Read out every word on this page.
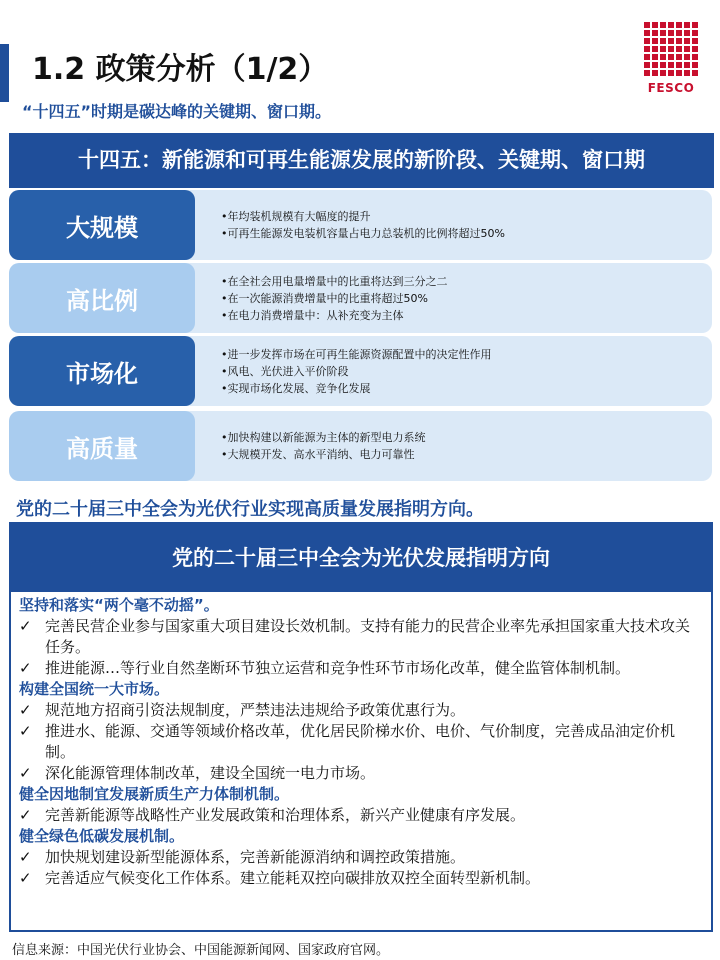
1.2 政策分析（1/2）
“十四五”时期是碳达峰的关键期、窗口期。
FESCO
十四五：新能源和可再生能源发展的新阶段、关键期、窗口期
大规模	•年均装机规模有大幅度的提升
•可再生能源发电装机容量占电力总装机的比例将超过50%
高比例
•在全社会用电量增量中的比重将达到三分之二
•在一次能源消费增量中的比重将超过50%
•在电力消费增量中：从补充变为主体
市场化
•进一步发挥市场在可再生能源资源配置中的决定性作用
•风电、光伏进入平价阶段
•实现市场化发展、竞争化发展
高质量	•加快构建以新能源为主体的新型电力系统
•大规模开发、高水平消纳、电力可靠性
党的二十届三中全会为光伏行业实现高质量发展指明方向。
党的二十届三中全会为光伏发展指明方向
坚持和落实“两个毫不动摇”。
✓ 完善民营企业参与国家重大项目建设长效机制。支持有能力的民营企业率先承担国家重大技术攻关任务。
✓ 推进能源…等行业自然垄断环节独立运营和竞争性环节市场化改革，健全监管体制机制。
构建全国统一大市场。
✓ 规范地方招商引资法规制度，严禁违法违规给予政策优惠行为。
✓ 推进水、能源、交通等领域价格改革，优化居民阶梯水价、电价、气价制度，完善成品油定价机制。
✓ 深化能源管理体制改革，建设全国统一电力市场。
健全因地制宜发展新质生产力体制机制。
✓ 完善新能源等战略性产业发展政策和治理体系，新兴产业健康有序发展。
健全绿色低碳发展机制。
✓ 加快规划建设新型能源体系，完善新能源消纳和调控政策措施。
✓ 完善适应气候变化工作体系。建立能耗双控向碳排放双控全面转型新机制。
信息来源：中国光伏行业协会、中国能源新闻网、国家政府官网。
